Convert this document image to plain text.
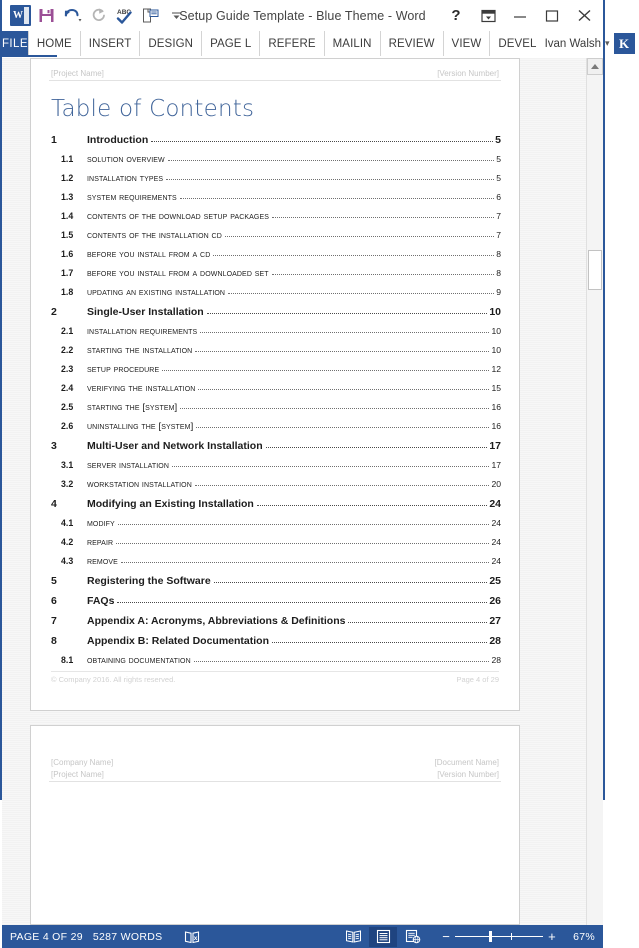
W	ABC	Setup Guide Template - Blue Theme - Word	?
FILE HOME	INSERT	DESIGN	PAGE L	REFERE	MAILIN	REVIEW	VIEW	DEVEL Ivan Walsh ▾ K
[Project Name]	[Version Number]
Table of Contents
1	Introduction	5
1.1	solution overview	5
1.2	installation types	5
1.3	system requirements	6
1.4	contents of the download setup packages	7
1.5	contents of the installation cd	7
1.6	before you install from a cd	8
1.7	before you install from a downloaded set	8
1.8	updating an existing installation	9
2	Single-User Installation	10
2.1	installation requirements	10
2.2	starting the installation	10
2.3	setup procedure	12
2.4	verifying the installation	15
2.5	starting the [system]	16
2.6	uninstalling the [system]	16
3	Multi-User and Network Installation	17
3.1	server installation	17
3.2	workstation installation	20
4	Modifying an Existing Installation	24
4.1	modify	24
4.2	repair	24
4.3	remove	24
5	Registering the Software	25
6	FAQs	26
7	Appendix A: Acronyms, Abbreviations & Definitions	27
8	Appendix B: Related Documentation	28
8.1	obtaining documentation	28
© Company 2016. All rights reserved.	Page 4 of 29
[Company Name]
[Project Name]
[Document Name]
[Version Number]
PAGE 4 OF 29 5287 WORDS	x	−	+	67%
